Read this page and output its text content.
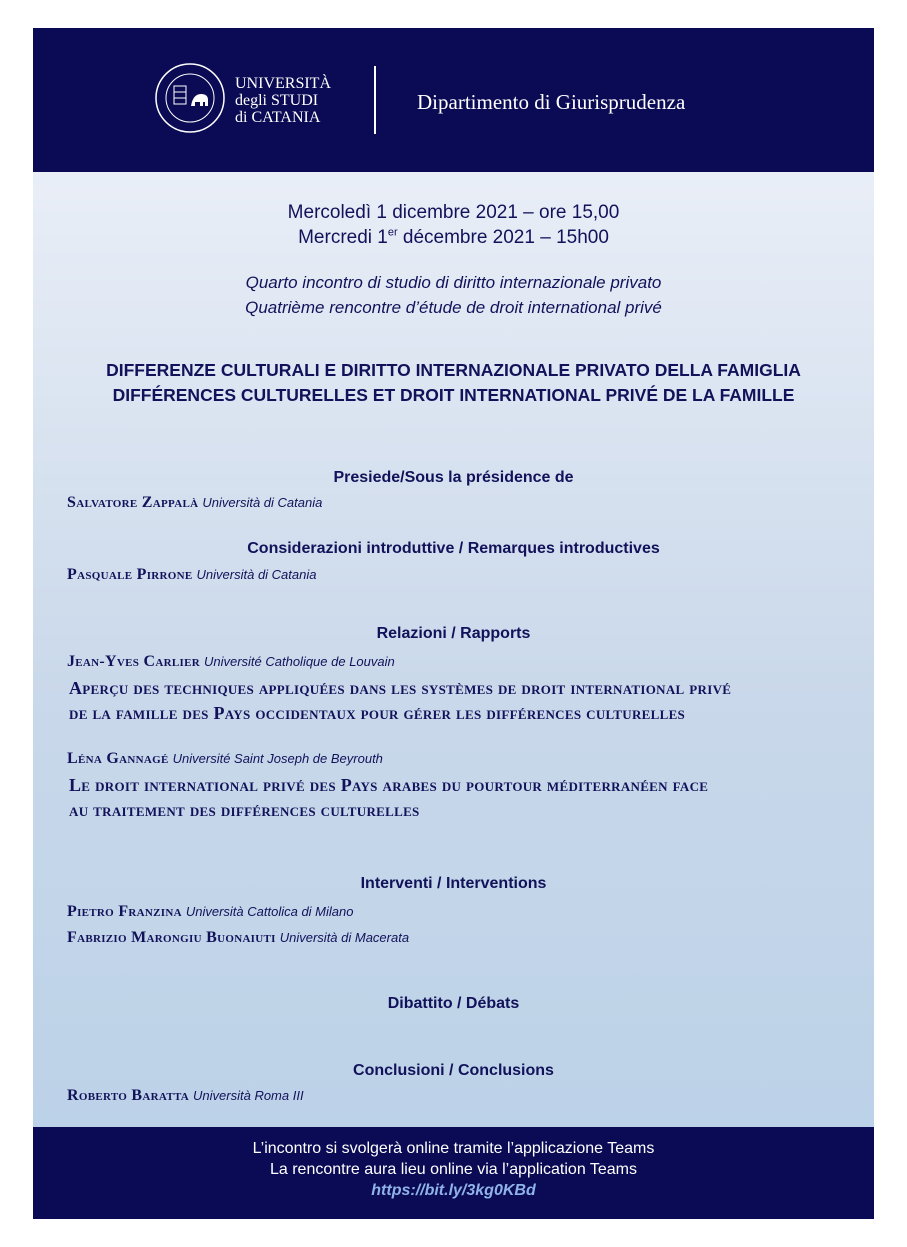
UNIVERSITÀ
degli STUDI
di CATANIA
Dipartimento di Giurisprudenza
Mercoledì 1 dicembre 2021 – ore 15,00
Mercredi 1er décembre 2021 – 15h00
Quarto incontro di studio di diritto internazionale privato
Quatrième rencontre d’étude de droit international privé
DIFFERENZE CULTURALI E DIRITTO INTERNAZIONALE PRIVATO DELLA FAMIGLIA
DIFFÉRENCES CULTURELLES ET DROIT INTERNATIONAL PRIVÉ DE LA FAMILLE
Presiede/Sous la présidence de
Salvatore Zappalà Università di Catania
Considerazioni introduttive / Remarques introductives
Pasquale Pirrone Università di Catania
Relazioni / Rapports
Jean-Yves Carlier Université Catholique de Louvain
Aperçu des techniques appliquées dans les systèmes de droit international privé
de la famille des Pays occidentaux pour gérer les différences culturelles
Léna Gannagé Université Saint Joseph de Beyrouth
Le droit international privé des Pays arabes du pourtour méditerranéen face
au traitement des différences culturelles
Interventi / Interventions
Pietro Franzina Università Cattolica di Milano
Fabrizio Marongiu Buonaiuti Università di Macerata
Dibattito / Débats
Conclusioni / Conclusions
Roberto Baratta Università Roma III
L’incontro si svolgerà online tramite l’applicazione Teams
La rencontre aura lieu online via l’application Teams
https://bit.ly/3kg0KBd
